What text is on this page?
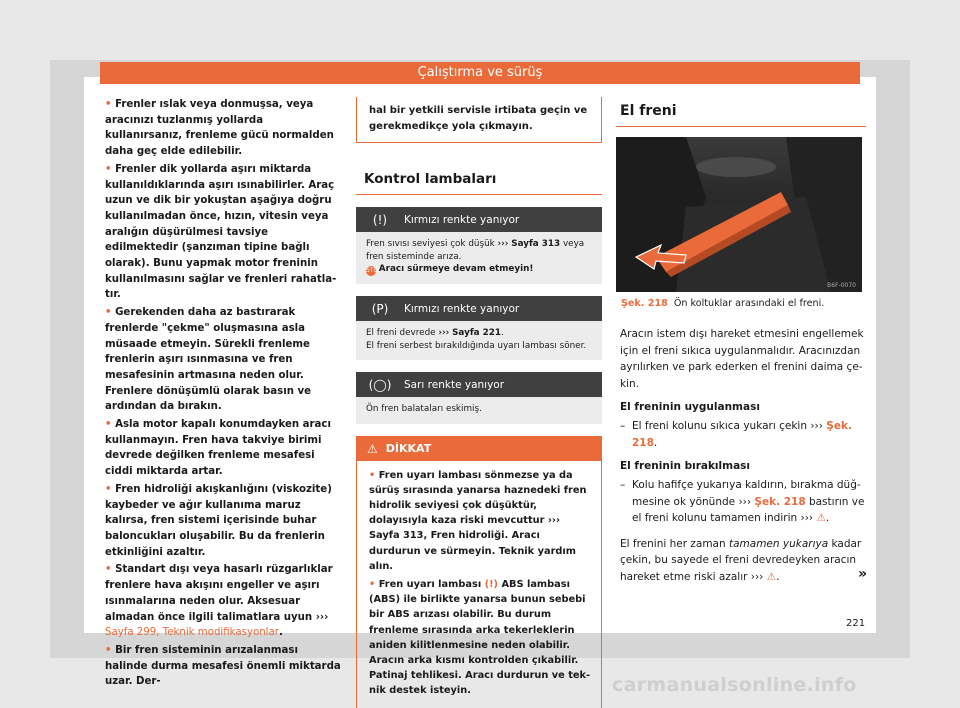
Çalıştırma ve sürüş
• Frenler ıslak veya donmuşsa, veya aracınızı tuzlanmış yollarda kullanırsanız, frenleme gücü normalden daha geç elde edilebilir.
• Frenler dik yollarda aşırı miktarda kullanıldıklarında aşırı ısınabilirler. Araç uzun ve dik bir yokuştan aşağıya doğru kullanılmadan önce, hızın, vitesin veya aralığın düşürülmesi tavsiye edilmektedir (şanzıman tipine bağlı olarak). Bunu yapmak motor freninin kullanılmasını sağlar ve frenleri rahatlatır.
• Gerekenden daha az bastırarak frenlerde "çekme" oluşmasına asla müsaade etmeyin. Sürekli frenleme frenlerin aşırı ısınmasına ve fren mesafesinin artmasına neden olur. Frenlere dönüşümlü olarak basın ve ardından da bırakın.
• Asla motor kapalı konumdayken aracı kullanmayın. Fren hava takviye birimi devrede değilken frenleme mesafesi ciddi miktarda artar.
• Fren hidroliği akışkanlığını (viskozite) kaybeder ve ağır kullanıma maruz kalırsa, fren sistemi içerisinde buhar baloncukları oluşabilir. Bu da frenlerin etkinliğini azaltır.
• Standart dışı veya hasarlı rüzgarlıklar frenlere hava akışını engeller ve aşırı ısınmalarına neden olur. Aksesuar almadan önce ilgili talimatlara uyun ››› Sayfa 299, Teknik modifikasyonlar.
• Bir fren sisteminin arızalanması halinde durma mesafesi önemli miktarda uzar. Der-
hal bir yetkili servisle irtibata geçin ve gerekmedikçe yola çıkmayın.
Kontrol lambaları
(!)	Kırmızı renkte yanıyor
Fren sıvısı seviyesi çok düşük ››› Sayfa 313 veya fren sisteminde arıza.
STOP Aracı sürmeye devam etmeyin!
(P)	Kırmızı renkte yanıyor
El freni devrede ››› Sayfa 221.
El freni serbest bırakıldığında uyarı lambası söner.
(◯)	Sarı renkte yanıyor
Ön fren balataları eskimiş.
⚠ DİKKAT
• Fren uyarı lambası sönmezse ya da sürüş sırasında yanarsa haznedeki fren hidrolik seviyesi çok düşüktür, dolayısıyla kaza riski mevcuttur ››› Sayfa 313, Fren hidroliği. Aracı durdurun ve sürmeyin. Teknik yardım alın.
• Fren uyarı lambası (!) ABS lambası (ABS) ile birlikte yanarsa bunun sebebi bir ABS arızası olabilir. Bu durum frenleme sırasında arka tekerleklerin aniden kilitlenmesine neden olabilir. Aracın arka kısmı kontrolden çıkabilir. Patinaj tehlikesi. Aracı durdurun ve teknik destek isteyin.
El freni
B6F-0070
Şek. 218 Ön koltuklar arasındaki el freni.
Aracın istem dışı hareket etmesini engellemek için el freni sıkıca uygulanmalıdır. Aracınızdan ayrılırken ve park ederken el frenini daima çekin.
El freninin uygulanması
– El freni kolunu sıkıca yukarı çekin ››› Şek. 218.
El freninin bırakılması
– Kolu hafifçe yukarıya kaldırın, bırakma düğmesine ok yönünde ››› Şek. 218 bastırın ve el freni kolunu tamamen indirin ››› ⚠.
El frenini her zaman tamamen yukarıya kadar çekin, bu sayede el freni devredeyken aracın hareket etme riski azalır ››› ⚠.	»
221
carmanualsonline.info
